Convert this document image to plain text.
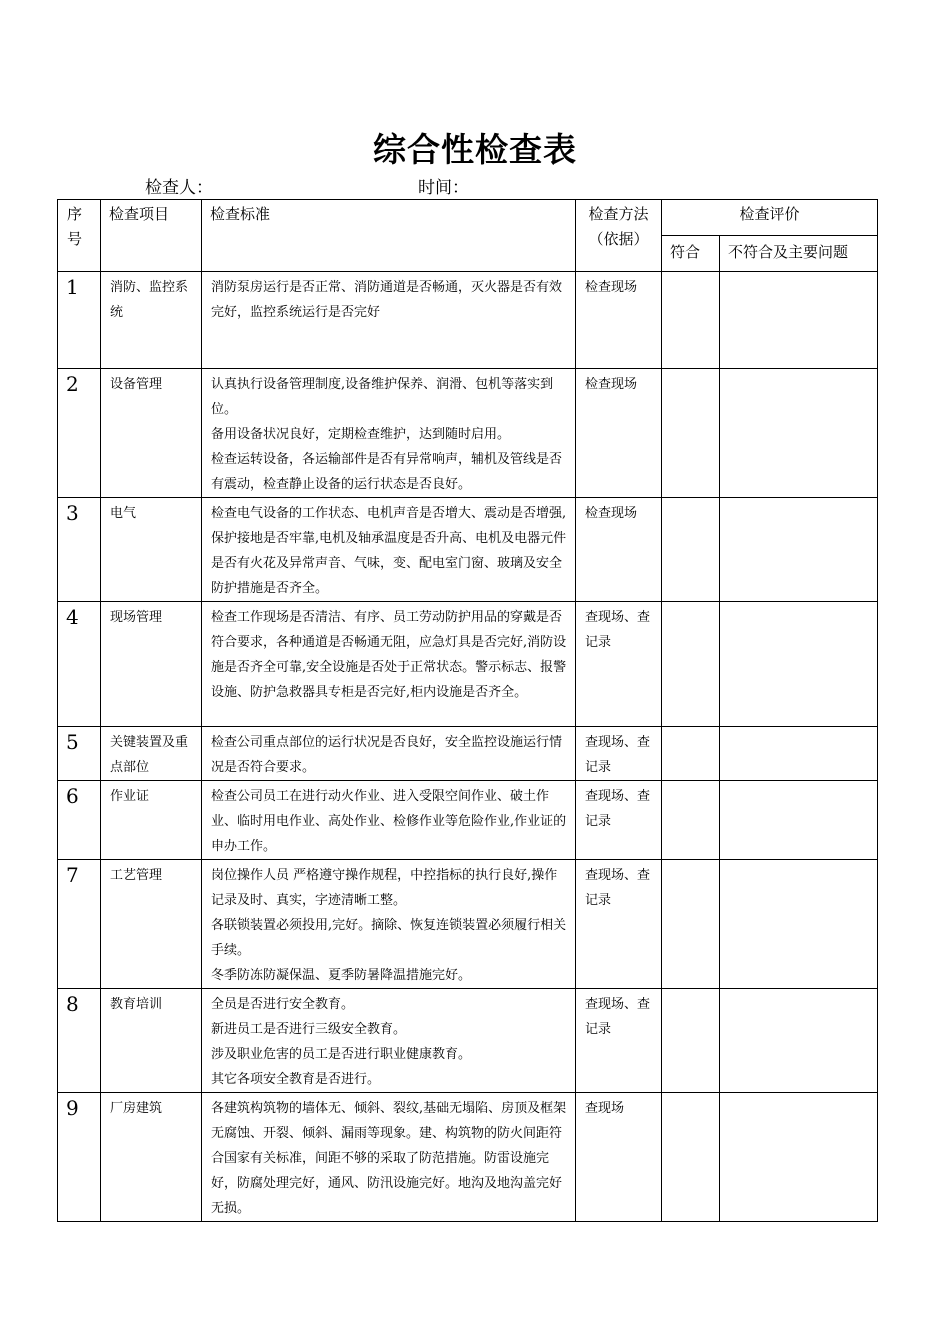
综合性检查表
检查人：	时间：
序号	检查项目	检查标准	检查方法（依据）	检查评价	
				符合	不符合及主要问题
1	消防、监控系统	消防泵房运行是否正常、消防通道是否畅通，灭火器是否有效完好，监控系统运行是否完好	检查现场		
2	设备管理	认真执行设备管理制度,设备维护保养、润滑、包机等落实到位。
备用设备状况良好，定期检查维护，达到随时启用。
检查运转设备，各运输部件是否有异常响声，辅机及管线是否有震动，检查静止设备的运行状态是否良好。	检查现场		
3	电气	检查电气设备的工作状态、电机声音是否增大、震动是否增强,保护接地是否牢靠,电机及轴承温度是否升高、电机及电器元件是否有火花及异常声音、气味，变、配电室门窗、玻璃及安全防护措施是否齐全。	检查现场		
4	现场管理	检查工作现场是否清洁、有序、员工劳动防护用品的穿戴是否符合要求，各种通道是否畅通无阻，应急灯具是否完好,消防设施是否齐全可靠,安全设施是否处于正常状态。警示标志、报警设施、防护急救器具专柜是否完好,柜内设施是否齐全。	查现场、查记录		
5	关键装置及重点部位	检查公司重点部位的运行状况是否良好，安全监控设施运行情况是否符合要求。	查现场、查记录		
6	作业证	检查公司员工在进行动火作业、进入受限空间作业、破土作业、临时用电作业、高处作业、检修作业等危险作业,作业证的申办工作。	查现场、查记录		
7	工艺管理	岗位操作人员 严格遵守操作规程，中控指标的执行良好,操作记录及时、真实，字迹清晰工整。
各联锁装置必须投用,完好。摘除、恢复连锁装置必须履行相关手续。
冬季防冻防凝保温、夏季防暑降温措施完好。	查现场、查记录		
8	教育培训	全员是否进行安全教育。
新进员工是否进行三级安全教育。
涉及职业危害的员工是否进行职业健康教育。
其它各项安全教育是否进行。	查现场、查记录		
9	厂房建筑	各建筑构筑物的墙体无、倾斜、裂纹,基础无塌陷、房顶及框架无腐蚀、开裂、倾斜、漏雨等现象。建、构筑物的防火间距符合国家有关标准，间距不够的采取了防范措施。防雷设施完好，防腐处理完好，通风、防汛设施完好。地沟及地沟盖完好无损。	查现场		
